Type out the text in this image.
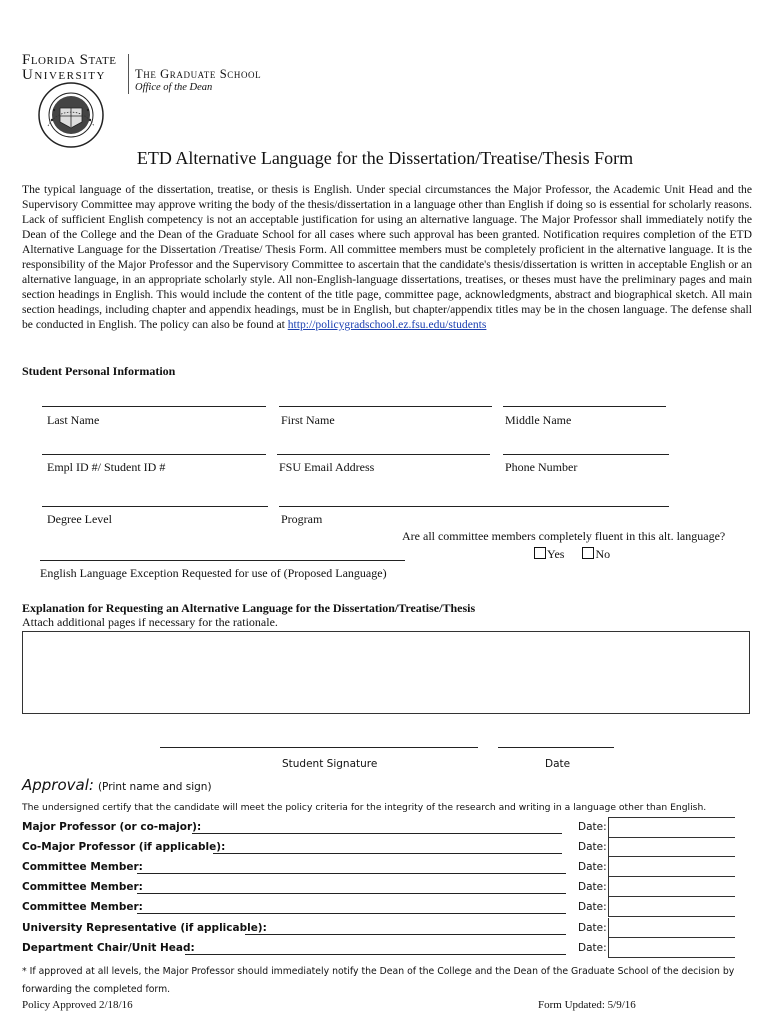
Florida State
University	The Graduate School
Office of the Dean
ETD Alternative Language for the Dissertation/Treatise/Thesis Form
The typical language of the dissertation, treatise, or thesis is English. Under special circumstances the Major Professor, the Academic Unit Head and the Supervisory Committee may approve writing the body of the thesis/dissertation in a language other than English if doing so is essential for scholarly reasons. Lack of sufficient English competency is not an acceptable justification for using an alternative language. The Major Professor shall immediately notify the Dean of the College and the Dean of the Graduate School for all cases where such approval has been granted. Notification requires completion of the ETD Alternative Language for the Dissertation /Treatise/ Thesis Form. All committee members must be completely proficient in the alternative language. It is the responsibility of the Major Professor and the Supervisory Committee to ascertain that the candidate's thesis/dissertation is written in acceptable English or an alternative language, in an appropriate scholarly style. All non-English-language dissertations, treatises, or theses must have the preliminary pages and main section headings in English. This would include the content of the title page, committee page, acknowledgments, abstract and biographical sketch. All main section headings, including chapter and appendix headings, must be in English, but chapter/appendix titles may be in the chosen language. The defense shall be conducted in English. The policy can also be found at http://policygradschool.ez.fsu.edu/students
Student Personal Information
Last Name	First Name	Middle Name
Empl ID #/ Student ID #	FSU Email Address	Phone Number
Degree Level	Program
Are all committee members completely fluent in this alt. language?
Yes	No
English Language Exception Requested for use of (Proposed Language)
Explanation for Requesting an Alternative Language for the Dissertation/Treatise/Thesis
Attach additional pages if necessary for the rationale.
Student Signature	Date
Approval: (Print name and sign)
The undersigned certify that the candidate will meet the policy criteria for the integrity of the research and writing in a language other than English.
Major Professor (or co-major):	Date:
Co-Major Professor (if applicable):	Date:
Committee Member:	Date:
Committee Member:	Date:
Committee Member:	Date:
University Representative (if applicable):	Date:
Department Chair/Unit Head:	Date:
* If approved at all levels, the Major Professor should immediately notify the Dean of the College and the Dean of the Graduate School of the decision by forwarding the completed form.
Policy Approved 2/18/16	Form Updated: 5/9/16
